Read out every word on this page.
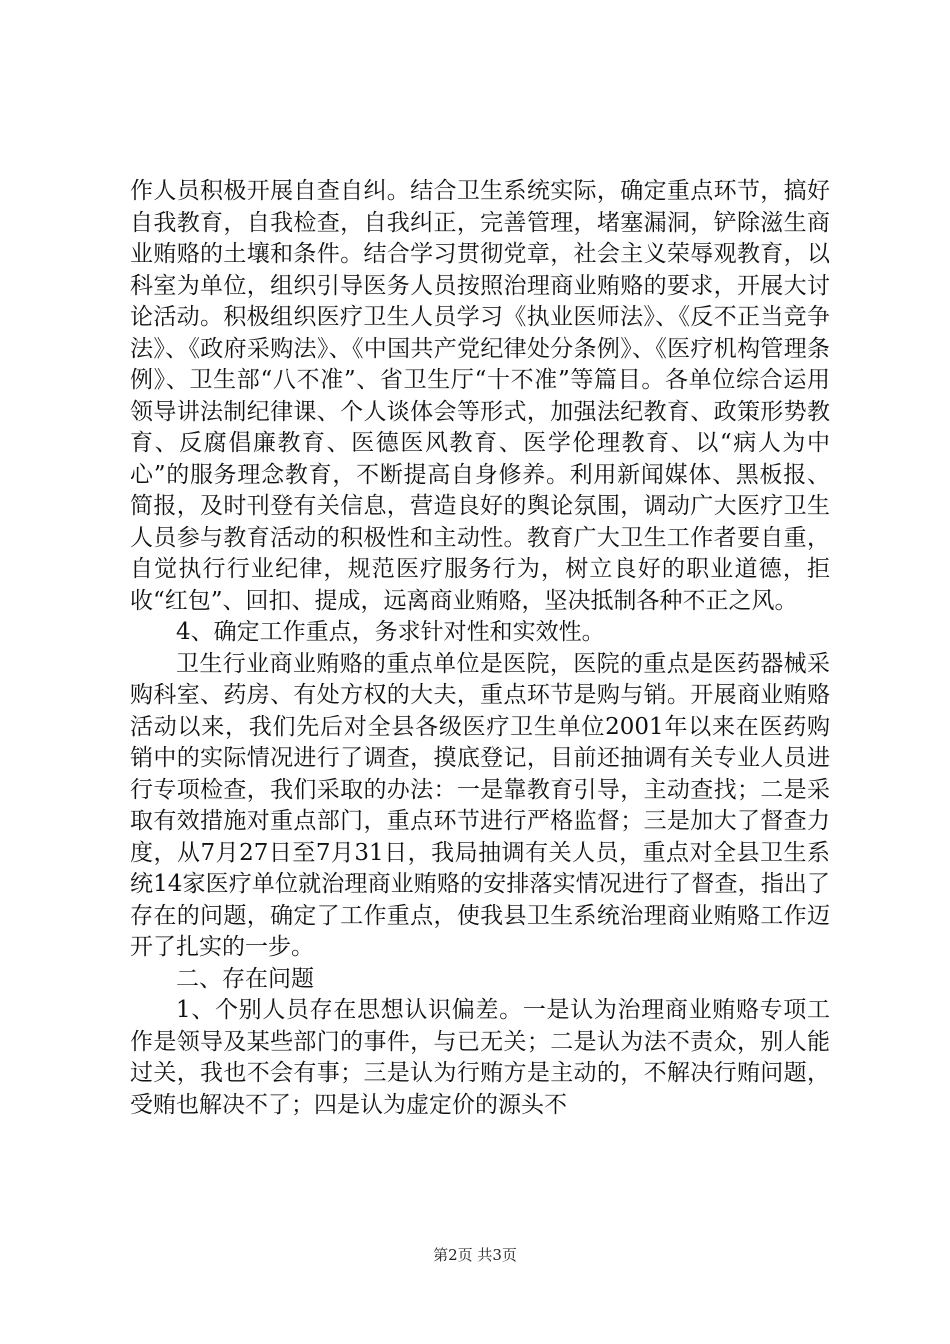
作人员积极开展自查自纠。结合卫生系统实际，确定重点环节，搞好自我教育，自我检查，自我纠正，完善管理，堵塞漏洞，铲除滋生商业贿赂的土壤和条件。结合学习贯彻党章，社会主义荣辱观教育，以科室为单位，组织引导医务人员按照治理商业贿赂的要求，开展大讨论活动。积极组织医疗卫生人员学习《执业医师法》、《反不正当竞争法》、《政府采购法》、《中国共产党纪律处分条例》、《医疗机构管理条例》、卫生部“八不准”、省卫生厅“十不准”等篇目。各单位综合运用领导讲法制纪律课、个人谈体会等形式，加强法纪教育、政策形势教育、反腐倡廉教育、医德医风教育、医学伦理教育、以“病人为中心”的服务理念教育，不断提高自身修养。利用新闻媒体、黑板报、简报，及时刊登有关信息，营造良好的舆论氛围，调动广大医疗卫生人员参与教育活动的积极性和主动性。教育广大卫生工作者要自重，自觉执行行业纪律，规范医疗服务行为，树立良好的职业道德，拒收“红包”、回扣、提成，远离商业贿赂，坚决抵制各种不正之风。

4、确定工作重点，务求针对性和实效性。

卫生行业商业贿赂的重点单位是医院，医院的重点是医药器械采购科室、药房、有处方权的大夫，重点环节是购与销。开展商业贿赂活动以来，我们先后对全县各级医疗卫生单位2001年以来在医药购销中的实际情况进行了调查，摸底登记，目前还抽调有关专业人员进行专项检查，我们采取的办法：一是靠教育引导，主动查找；二是采取有效措施对重点部门，重点环节进行严格监督；三是加大了督查力度，从7月27日至7月31日，我局抽调有关人员，重点对全县卫生系统14家医疗单位就治理商业贿赂的安排落实情况进行了督查，指出了存在的问题，确定了工作重点，使我县卫生系统治理商业贿赂工作迈开了扎实的一步。

二、存在问题

1、个别人员存在思想认识偏差。一是认为治理商业贿赂专项工作是领导及某些部门的事件，与已无关；二是认为法不责众，别人能过关，我也不会有事；三是认为行贿方是主动的，不解决行贿问题，受贿也解决不了；四是认为虚定价的源头不

第2页 共3页
